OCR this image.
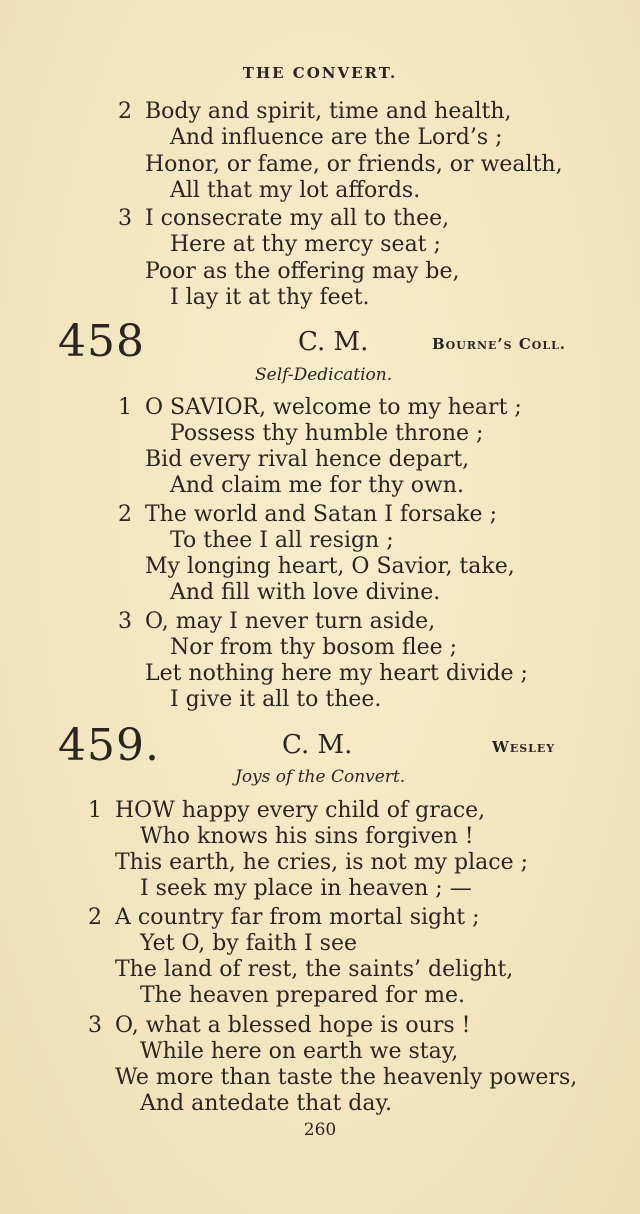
THE CONVERT.
2 Body and spirit, time and health,
And influence are the Lord’s ;
Honor, or fame, or friends, or wealth,
All that my lot affords.
3 I consecrate my all to thee,
Here at thy mercy seat ;
Poor as the offering may be,
I lay it at thy feet.
458	C. M.	Bourne’s Coll.
Self-Dedication.
1 O SAVIOR, welcome to my heart ;
Possess thy humble throne ;
Bid every rival hence depart,
And claim me for thy own.
2 The world and Satan I forsake ;
To thee I all resign ;
My longing heart, O Savior, take,
And fill with love divine.
3 O, may I never turn aside,
Nor from thy bosom flee ;
Let nothing here my heart divide ;
I give it all to thee.
459.	C. M.	Wesley
Joys of the Convert.
1 HOW happy every child of grace,
Who knows his sins forgiven !
This earth, he cries, is not my place ;
I seek my place in heaven ; —
2 A country far from mortal sight ;
Yet O, by faith I see
The land of rest, the saints’ delight,
The heaven prepared for me.
3 O, what a blessed hope is ours !
While here on earth we stay,
We more than taste the heavenly powers,
And antedate that day.
260
